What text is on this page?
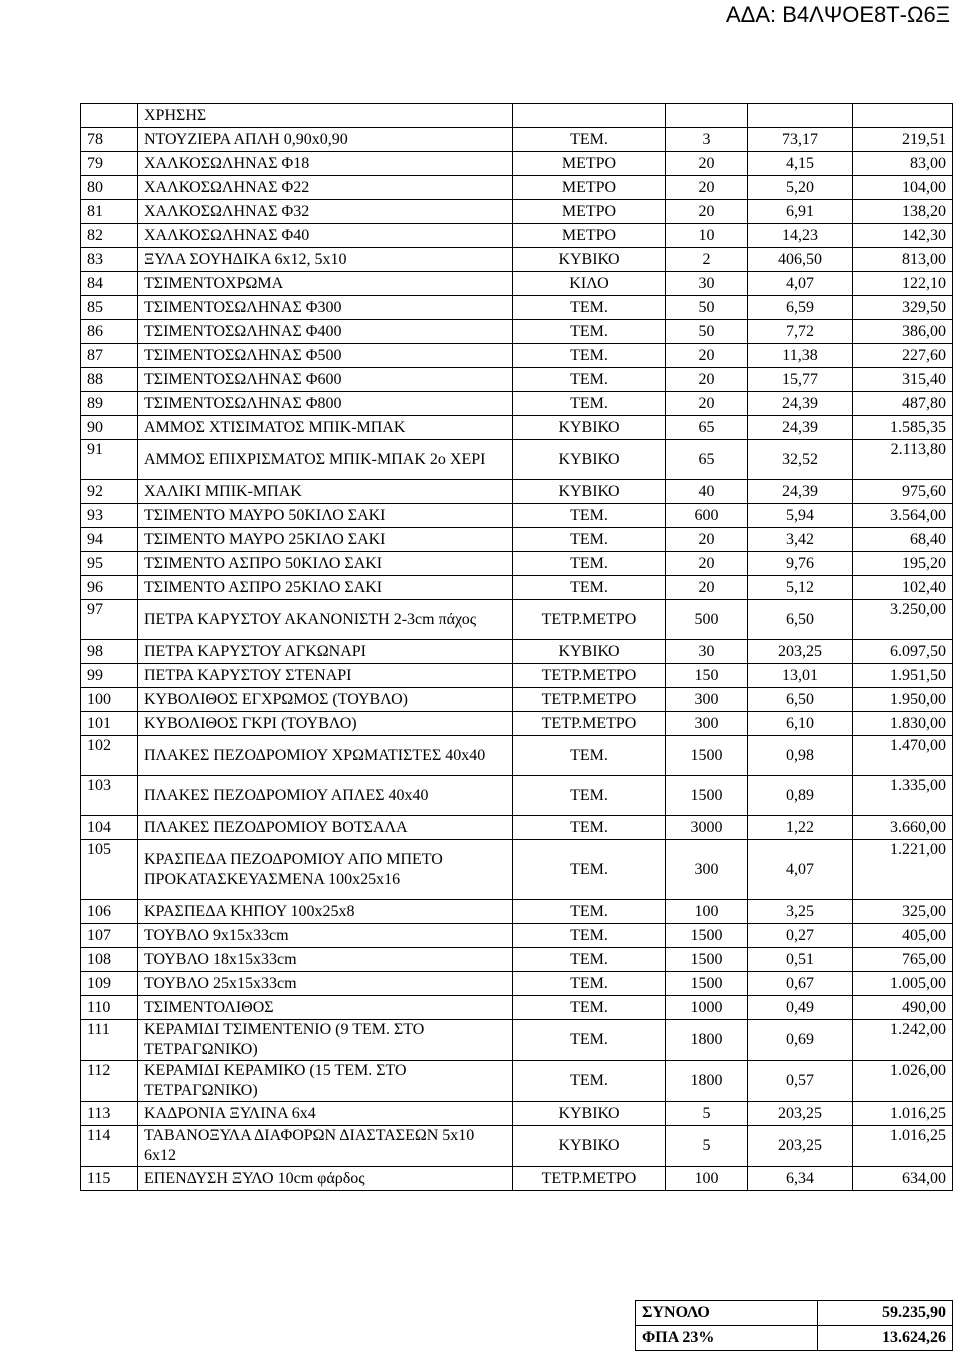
ΑΔΑ: Β4ΛΨΟΕ8Τ-Ω6Ξ
	ΧΡΗΣΗΣ				
78	ΝΤΟΥΖΙΕΡΑ ΑΠΛΗ 0,90x0,90	ΤΕΜ.	3	73,17	219,51
79	ΧΑΛΚΟΣΩΛΗΝΑΣ Φ18	ΜΕΤΡΟ	20	4,15	83,00
80	ΧΑΛΚΟΣΩΛΗΝΑΣ Φ22	ΜΕΤΡΟ	20	5,20	104,00
81	ΧΑΛΚΟΣΩΛΗΝΑΣ Φ32	ΜΕΤΡΟ	20	6,91	138,20
82	ΧΑΛΚΟΣΩΛΗΝΑΣ Φ40	ΜΕΤΡΟ	10	14,23	142,30
83	ΞΥΛΑ ΣΟΥΗΔΙΚΑ 6x12, 5x10	ΚΥΒΙΚΟ	2	406,50	813,00
84	ΤΣΙΜΕΝΤΟΧΡΩΜΑ	ΚΙΛΟ	30	4,07	122,10
85	ΤΣΙΜΕΝΤΟΣΩΛΗΝΑΣ Φ300	ΤΕΜ.	50	6,59	329,50
86	ΤΣΙΜΕΝΤΟΣΩΛΗΝΑΣ Φ400	ΤΕΜ.	50	7,72	386,00
87	ΤΣΙΜΕΝΤΟΣΩΛΗΝΑΣ Φ500	ΤΕΜ.	20	11,38	227,60
88	ΤΣΙΜΕΝΤΟΣΩΛΗΝΑΣ Φ600	ΤΕΜ.	20	15,77	315,40
89	ΤΣΙΜΕΝΤΟΣΩΛΗΝΑΣ Φ800	ΤΕΜ.	20	24,39	487,80
90	ΑΜΜΟΣ ΧΤΙΣΙΜΑΤΟΣ ΜΠΙΚ-ΜΠΑΚ	ΚΥΒΙΚΟ	65	24,39	1.585,35
91	ΑΜΜΟΣ ΕΠΙΧΡΙΣΜΑΤΟΣ ΜΠΙΚ-ΜΠΑΚ 2ο ΧΕΡΙ	ΚΥΒΙΚΟ	65	32,52	2.113,80
92	ΧΑΛΙΚΙ ΜΠΙΚ-ΜΠΑΚ	ΚΥΒΙΚΟ	40	24,39	975,60
93	ΤΣΙΜΕΝΤΟ ΜΑΥΡΟ 50ΚΙΛΟ ΣΑΚΙ	ΤΕΜ.	600	5,94	3.564,00
94	ΤΣΙΜΕΝΤΟ ΜΑΥΡΟ 25ΚΙΛΟ ΣΑΚΙ	ΤΕΜ.	20	3,42	68,40
95	ΤΣΙΜΕΝΤΟ ΑΣΠΡΟ 50ΚΙΛΟ ΣΑΚΙ	ΤΕΜ.	20	9,76	195,20
96	ΤΣΙΜΕΝΤΟ ΑΣΠΡΟ 25ΚΙΛΟ ΣΑΚΙ	ΤΕΜ.	20	5,12	102,40
97	ΠΕΤΡΑ ΚΑΡΥΣΤΟΥ ΑΚΑΝΟΝΙΣΤΗ 2-3cm πάχος	ΤΕΤΡ.ΜΕΤΡΟ	500	6,50	3.250,00
98	ΠΕΤΡΑ ΚΑΡΥΣΤΟΥ ΑΓΚΩΝΑΡΙ	ΚΥΒΙΚΟ	30	203,25	6.097,50
99	ΠΕΤΡΑ ΚΑΡΥΣΤΟΥ ΣΤΕΝΑΡΙ	ΤΕΤΡ.ΜΕΤΡΟ	150	13,01	1.951,50
100	ΚΥΒΟΛΙΘΟΣ ΕΓΧΡΩΜΟΣ (ΤΟΥΒΛΟ)	ΤΕΤΡ.ΜΕΤΡΟ	300	6,50	1.950,00
101	ΚΥΒΟΛΙΘΟΣ ΓΚΡΙ (ΤΟΥΒΛΟ)	ΤΕΤΡ.ΜΕΤΡΟ	300	6,10	1.830,00
102	ΠΛΑΚΕΣ ΠΕΖΟΔΡΟΜΙΟΥ ΧΡΩΜΑΤΙΣΤΕΣ 40x40	ΤΕΜ.	1500	0,98	1.470,00
103	ΠΛΑΚΕΣ ΠΕΖΟΔΡΟΜΙΟΥ ΑΠΛΕΣ 40x40	ΤΕΜ.	1500	0,89	1.335,00
104	ΠΛΑΚΕΣ ΠΕΖΟΔΡΟΜΙΟΥ ΒΟΤΣΑΛΑ	ΤΕΜ.	3000	1,22	3.660,00
105	ΚΡΑΣΠΕΔΑ ΠΕΖΟΔΡΟΜΙΟΥ ΑΠΟ ΜΠΕΤΟ ΠΡΟΚΑΤΑΣΚΕΥΑΣΜΕΝΑ 100x25x16	ΤΕΜ.	300	4,07	1.221,00
106	ΚΡΑΣΠΕΔΑ ΚΗΠΟΥ 100x25x8	ΤΕΜ.	100	3,25	325,00
107	ΤΟΥΒΛΟ 9x15x33cm	ΤΕΜ.	1500	0,27	405,00
108	ΤΟΥΒΛΟ 18x15x33cm	ΤΕΜ.	1500	0,51	765,00
109	ΤΟΥΒΛΟ 25x15x33cm	ΤΕΜ.	1500	0,67	1.005,00
110	ΤΣΙΜΕΝΤΟΛΙΘΟΣ	ΤΕΜ.	1000	0,49	490,00
111	ΚΕΡΑΜΙΔΙ ΤΣΙΜΕΝΤΕΝΙΟ (9 ΤΕΜ. ΣΤΟ ΤΕΤΡΑΓΩΝΙΚΟ)	ΤΕΜ.	1800	0,69	1.242,00
112	ΚΕΡΑΜΙΔΙ ΚΕΡΑΜΙΚΟ (15 ΤΕΜ. ΣΤΟ ΤΕΤΡΑΓΩΝΙΚΟ)	ΤΕΜ.	1800	0,57	1.026,00
113	ΚΑΔΡΟΝΙΑ ΞΥΛΙΝΑ 6x4	ΚΥΒΙΚΟ	5	203,25	1.016,25
114	ΤΑΒΑΝΟΞΥΛΑ ΔΙΑΦΟΡΩΝ ΔΙΑΣΤΑΣΕΩΝ 5x10 6x12	ΚΥΒΙΚΟ	5	203,25	1.016,25
115	ΕΠΕΝΔΥΣΗ ΞΥΛΟ 10cm φάρδος	ΤΕΤΡ.ΜΕΤΡΟ	100	6,34	634,00
ΣΥΝΟΛΟ	59.235,90
ΦΠΑ 23%	13.624,26
